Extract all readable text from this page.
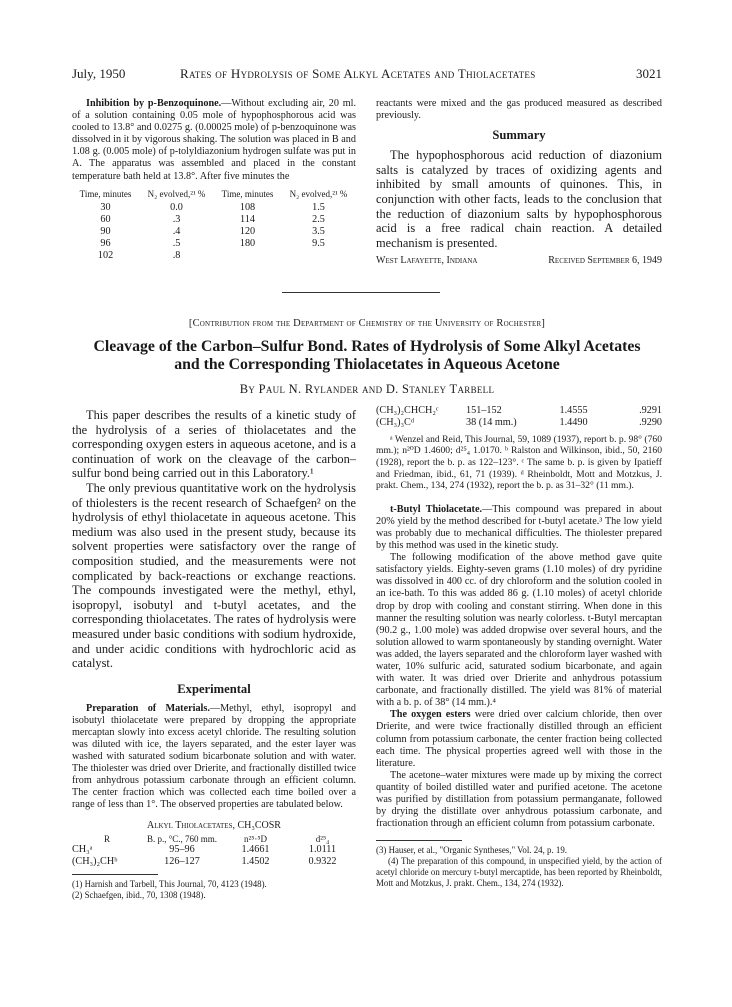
July, 1950	Rates of Hydrolysis of Some Alkyl Acetates and Thiolacetates	3021

Inhibition by p-Benzoquinone.—Without excluding air, 20 ml. of a solution containing 0.05 mole of hypophosphorous acid was cooled to 13.8° and 0.0275 g. (0.00025 mole) of p-benzoquinone was dissolved in it by vigorous shaking. The solution was placed in B and 1.08 g. (0.005 mole) of p-tolyldiazonium hydrogen sulfate was put in A. The apparatus was assembled and placed in the constant temperature bath held at 13.8°. After five minutes the

Time, minutes	N₂ evolved,²¹ %	Time, minutes	N₂ evolved,²¹ %
30	0.0	108	1.5
60	.3	114	2.5
90	.4	120	3.5
96	.5	180	9.5
102	.8		

reactants were mixed and the gas produced measured as described previously.

Summary

The hypophosphorous acid reduction of diazonium salts is catalyzed by traces of oxidizing agents and inhibited by small amounts of quinones. This, in conjunction with other facts, leads to the conclusion that the reduction of diazonium salts by hypophosphorous acid is a free radical chain reaction. A detailed mechanism is presented.

West Lafayette, Indiana	Received September 6, 1949
[Contribution from the Department of Chemistry of the University of Rochester]
Cleavage of the Carbon–Sulfur Bond. Rates of Hydrolysis of Some Alkyl Acetates
and the Corresponding Thiolacetates in Aqueous Acetone
By Paul N. Rylander and D. Stanley Tarbell

This paper describes the results of a kinetic study of the hydrolysis of a series of thiolacetates and the corresponding oxygen esters in aqueous acetone, and is a continuation of work on the cleavage of the carbon–sulfur bond being carried out in this Laboratory.¹

The only previous quantitative work on the hydrolysis of thiolesters is the recent research of Schaefgen² on the hydrolysis of ethyl thiolacetate in aqueous acetone. This medium was also used in the present study, because its solvent properties were satisfactory over the range of composition studied, and the measurements were not complicated by back-reactions or exchange reactions. The compounds investigated were the methyl, ethyl, isopropyl, isobutyl and t-butyl acetates, and the corresponding thiolacetates. The rates of hydrolysis were measured under basic conditions with sodium hydroxide, and under acidic conditions with hydrochloric acid as catalyst.

Experimental

Preparation of Materials.—Methyl, ethyl, isopropyl and isobutyl thiolacetate were prepared by dropping the appropriate mercaptan slowly into excess acetyl chloride. The resulting solution was diluted with ice, the layers separated, and the ester layer was washed with saturated sodium bicarbonate solution and with water. The thiolester was dried over Drierite, and fractionally distilled twice from anhydrous potassium carbonate through an efficient column. The center fraction which was collected each time boiled over a range of less than 1°. The observed properties are tabulated below.

Alkyl Thiolacetates, CH₃COSR
R	B. p., °C., 760 mm.	n²⁵·⁵D	d²⁵₄
CH₃ᵃ	95–96	1.4661	1.0111
(CH₃)₂CHᵇ	126–127	1.4502	0.9322

(1) Harnish and Tarbell, This Journal, 70, 4123 (1948).

(2) Schaefgen, ibid., 70, 1308 (1948).

(CH₃)₂CHCH₂ᶜ	151–152	1.4555	.9291
(CH₃)₃Cᵈ	38 (14 mm.)	1.4490	.9290

ᵃ Wenzel and Reid, This Journal, 59, 1089 (1937), report b. p. 98° (760 mm.); n²⁰D 1.4600; d²⁵₄ 1.0170. ᵇ Ralston and Wilkinson, ibid., 50, 2160 (1928), report the b. p. as 122–123°. ᶜ The same b. p. is given by Ipatieff and Friedman, ibid., 61, 71 (1939). ᵈ Rheinboldt, Mott and Motzkus, J. prakt. Chem., 134, 274 (1932), report the b. p. as 31–32° (11 mm.).

t-Butyl Thiolacetate.—This compound was prepared in about 20% yield by the method described for t-butyl acetate.³ The low yield was probably due to mechanical difficulties. The thiolester prepared by this method was used in the kinetic study.

The following modification of the above method gave quite satisfactory yields. Eighty-seven grams (1.10 moles) of dry pyridine was dissolved in 400 cc. of dry chloroform and the solution cooled in an ice-bath. To this was added 86 g. (1.10 moles) of acetyl chloride drop by drop with cooling and constant stirring. When done in this manner the resulting solution was nearly colorless. t-Butyl mercaptan (90.2 g., 1.00 mole) was added dropwise over several hours, and the solution allowed to warm spontaneously by standing overnight. Water was added, the layers separated and the chloroform layer washed with water, 10% sulfuric acid, saturated sodium bicarbonate, and again with water. It was dried over Drierite and anhydrous potassium carbonate, and fractionally distilled. The yield was 81% of material with a b. p. of 38° (14 mm.).⁴

The oxygen esters were dried over calcium chloride, then over Drierite, and were twice fractionally distilled through an efficient column from potassium carbonate, the center fraction being collected each time. The physical properties agreed well with those in the literature.

The acetone–water mixtures were made up by mixing the correct quantity of boiled distilled water and purified acetone. The acetone was purified by distillation from potassium permanganate, followed by drying the distillate over anhydrous potassium carbonate, and fractionation through an efficient column from potassium carbonate.

(3) Hauser, et al., "Organic Syntheses," Vol. 24, p. 19.

(4) The preparation of this compound, in unspecified yield, by the action of acetyl chloride on mercury t-butyl mercaptide, has been reported by Rheinboldt, Mott and Motzkus, J. prakt. Chem., 134, 274 (1932).
